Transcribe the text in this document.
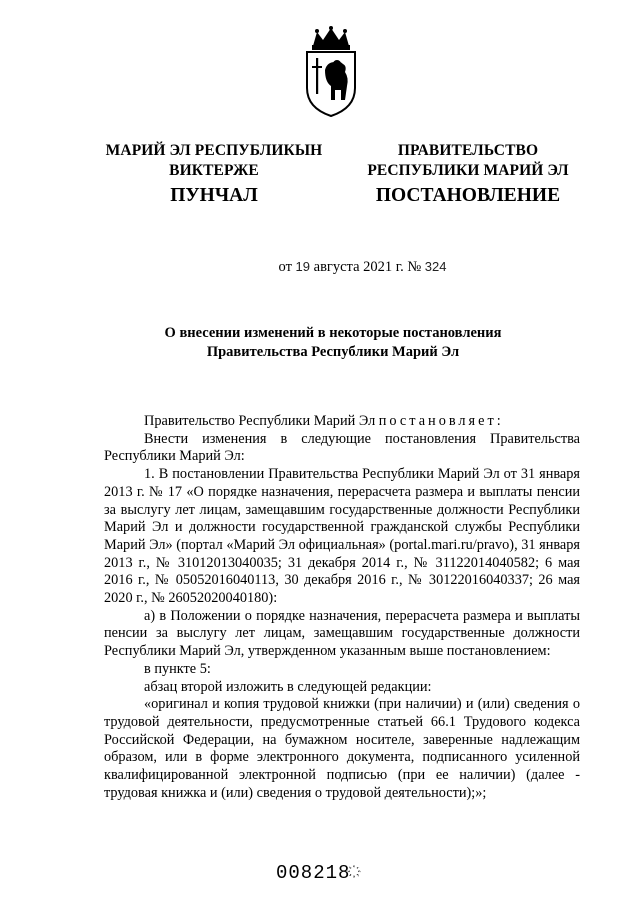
МАРИЙ ЭЛ РЕСПУБЛИКЫН
ВИКТЕРЖЕ
ПРАВИТЕЛЬСТВО
РЕСПУБЛИКИ МАРИЙ ЭЛ
ПУНЧАЛ	ПОСТАНОВЛЕНИЕ
от 19 августа 2021 г. № 324
О внесении изменений в некоторые постановления
Правительства Республики Марий Эл

Правительство Республики Марий Эл постановляет:

Внести изменения в следующие постановления Правительства Республики Марий Эл:

1. В постановлении Правительства Республики Марий Эл от 31 января 2013 г. № 17 «О порядке назначения, перерасчета размера и выплаты пенсии за выслугу лет лицам, замещавшим государственные должности Республики Марий Эл и должности государственной гражданской службы Республики Марий Эл» (портал «Марий Эл официальная» (portal.mari.ru/pravo), 31 января 2013 г., № 31012013040035; 31 декабря 2014 г., № 31122014040582; 6 мая 2016 г., № 05052016040113, 30 декабря 2016 г., № 30122016040337; 26 мая 2020 г., № 26052020040180):

а) в Положении о порядке назначения, перерасчета размера и выплаты пенсии за выслугу лет лицам, замещавшим государственные должности Республики Марий Эл, утвержденном указанным выше постановлением:

в пункте 5:

абзац второй изложить в следующей редакции:

«оригинал и копия трудовой книжки (при наличии) и (или) сведения о трудовой деятельности, предусмотренные статьей 66.1 Трудового кодекса Российской Федерации, на бумажном носителе, заверенные надлежащим образом, или в форме электронного документа, подписанного усиленной квалифицированной электронной подписью (при ее наличии) (далее - трудовая книжка и (или) сведения о трудовой деятельности);»;

008218
